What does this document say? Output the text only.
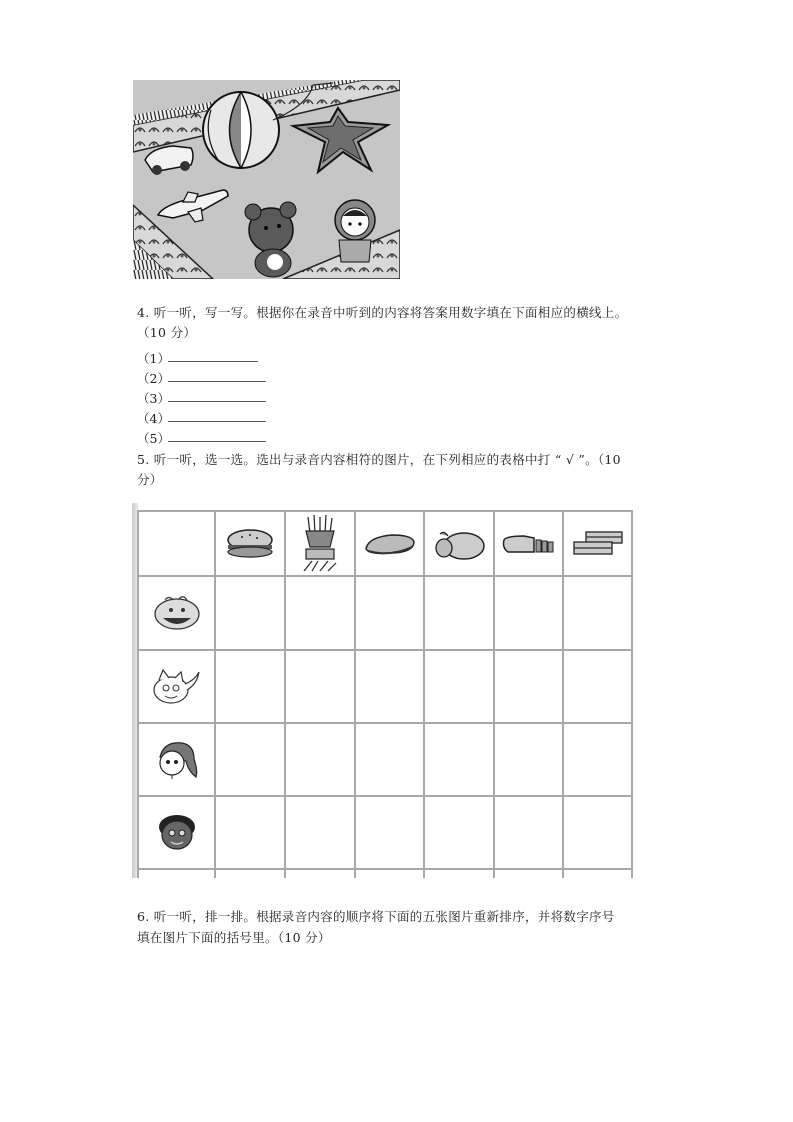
4. 听一听，写一写。根据你在录音中听到的内容将答案用数字填在下面相应的横线上。
（10 分）
（1）
（2）
（3）
（4）
（5）
5. 听一听，选一选。选出与录音内容相符的图片，在下列相应的表格中打 “ √ ”。（10
分）
6. 听一听，排一排。根据录音内容的顺序将下面的五张图片重新排序，并将数字序号
填在图片下面的括号里。（10 分）
